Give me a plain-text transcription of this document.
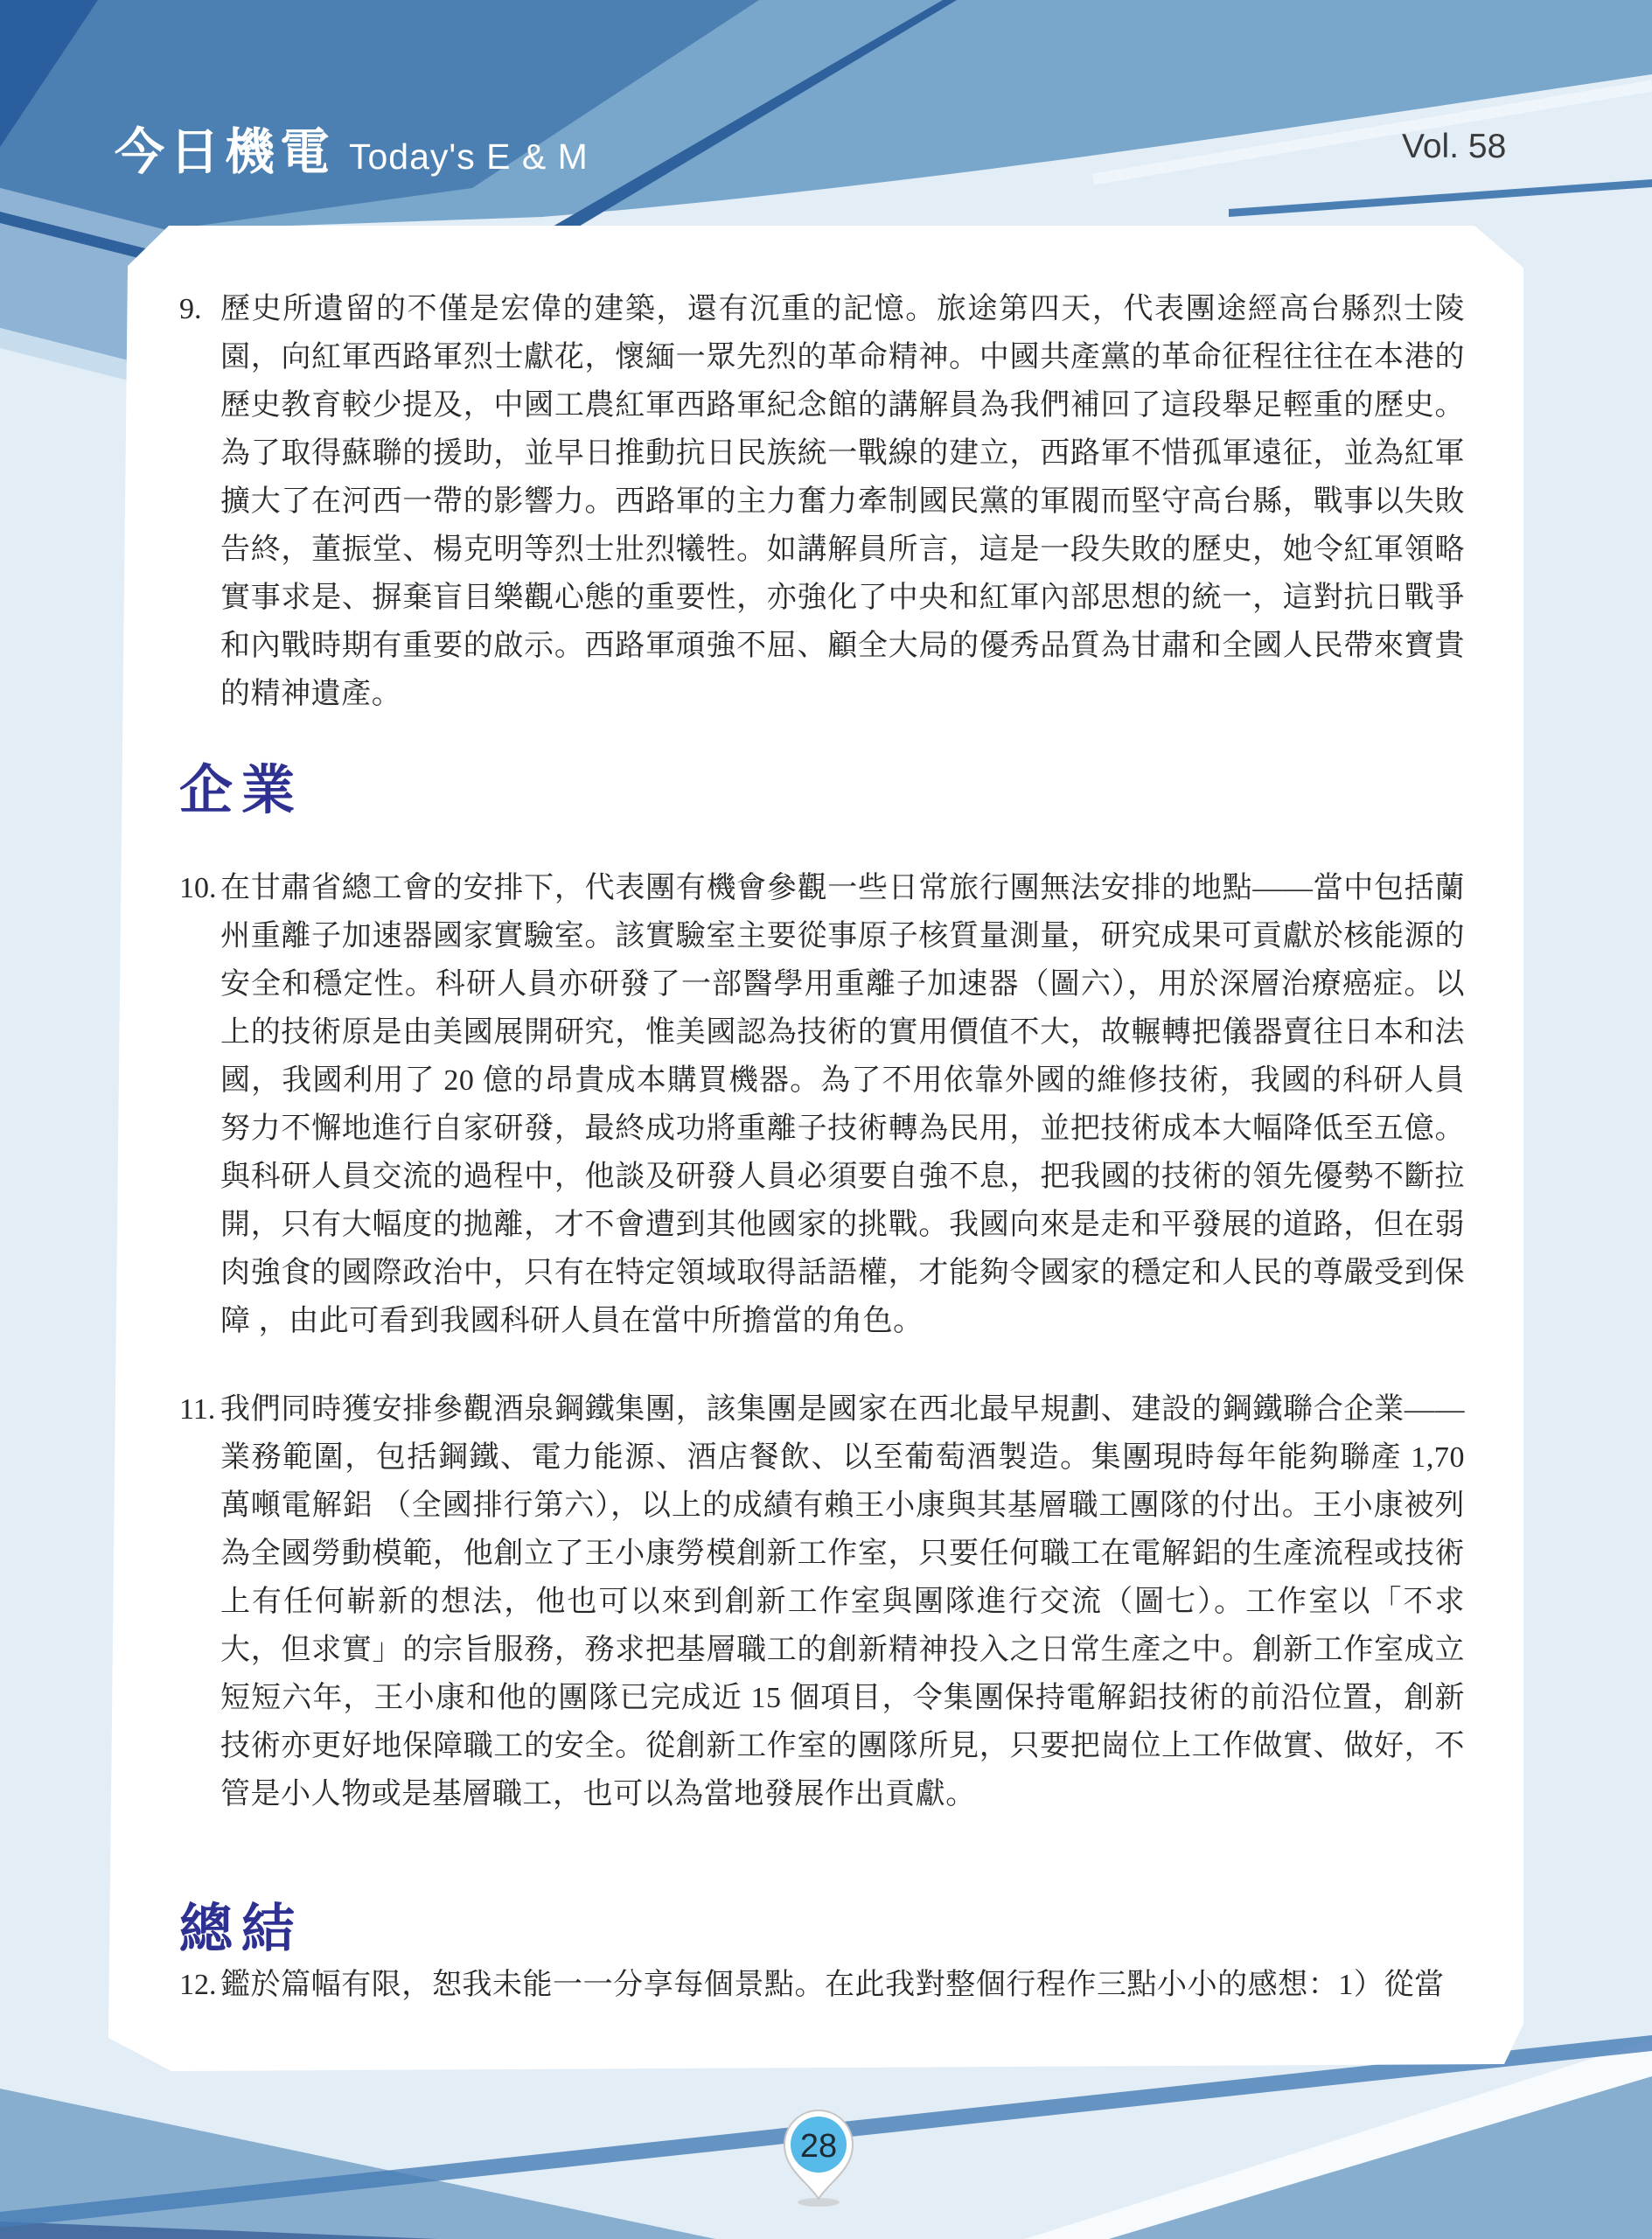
28
今日機電 Today's E & M	Vol. 58
9. 歷史所遺留的不僅是宏偉的建築，還有沉重的記憶。旅途第四天，代表團途經高台縣烈士陵園，向紅軍西路軍烈士獻花，懷緬一眾先烈的革命精神。中國共產黨的革命征程往往在本港的歷史教育較少提及，中國工農紅軍西路軍紀念館的講解員為我們補回了這段舉足輕重的歷史。為了取得蘇聯的援助，並早日推動抗日民族統一戰線的建立，西路軍不惜孤軍遠征，並為紅軍擴大了在河西一帶的影響力。西路軍的主力奮力牽制國民黨的軍閥而堅守高台縣，戰事以失敗告終，董振堂、楊克明等烈士壯烈犧牲。如講解員所言，這是一段失敗的歷史，她令紅軍領略實事求是、摒棄盲目樂觀心態的重要性，亦強化了中央和紅軍內部思想的統一，這對抗日戰爭和內戰時期有重要的啟示。西路軍頑強不屈、顧全大局的優秀品質為甘肅和全國人民帶來寶貴的精神遺產。
企業
10. 在甘肅省總工會的安排下，代表團有機會參觀一些日常旅行團無法安排的地點——當中包括蘭州重離子加速器國家實驗室。該實驗室主要從事原子核質量測量，研究成果可貢獻於核能源的安全和穩定性。科研人員亦研發了一部醫學用重離子加速器（圖六），用於深層治療癌症。以上的技術原是由美國展開研究，惟美國認為技術的實用價值不大，故輾轉把儀器賣往日本和法國，我國利用了 20 億的昂貴成本購買機器。為了不用依靠外國的維修技術，我國的科研人員努力不懈地進行自家研發，最終成功將重離子技術轉為民用，並把技術成本大幅降低至五億。與科研人員交流的過程中，他談及研發人員必須要自強不息，把我國的技術的領先優勢不斷拉開，只有大幅度的拋離，才不會遭到其他國家的挑戰。我國向來是走和平發展的道路，但在弱肉強食的國際政治中，只有在特定領域取得話語權，才能夠令國家的穩定和人民的尊嚴受到保障 ，由此可看到我國科研人員在當中所擔當的角色。
11. 我們同時獲安排參觀酒泉鋼鐵集團，該集團是國家在西北最早規劃、建設的鋼鐵聯合企業——業務範圍，包括鋼鐵、電力能源、酒店餐飲、以至葡萄酒製造。集團現時每年能夠聯產 1,70 萬噸電解鋁 （全國排行第六），以上的成績有賴王小康與其基層職工團隊的付出。王小康被列為全國勞動模範，他創立了王小康勞模創新工作室，只要任何職工在電解鋁的生產流程或技術上有任何嶄新的想法，他也可以來到創新工作室與團隊進行交流（圖七）。工作室以「不求大，但求實」的宗旨服務，務求把基層職工的創新精神投入之日常生產之中。創新工作室成立短短六年，王小康和他的團隊已完成近 15 個項目，令集團保持電解鋁技術的前沿位置，創新技術亦更好地保障職工的安全。從創新工作室的團隊所見，只要把崗位上工作做實、做好，不管是小人物或是基層職工，也可以為當地發展作出貢獻。
總結
12. 鑑於篇幅有限，恕我未能一一分享每個景點。在此我對整個行程作三點小小的感想：1）從當
